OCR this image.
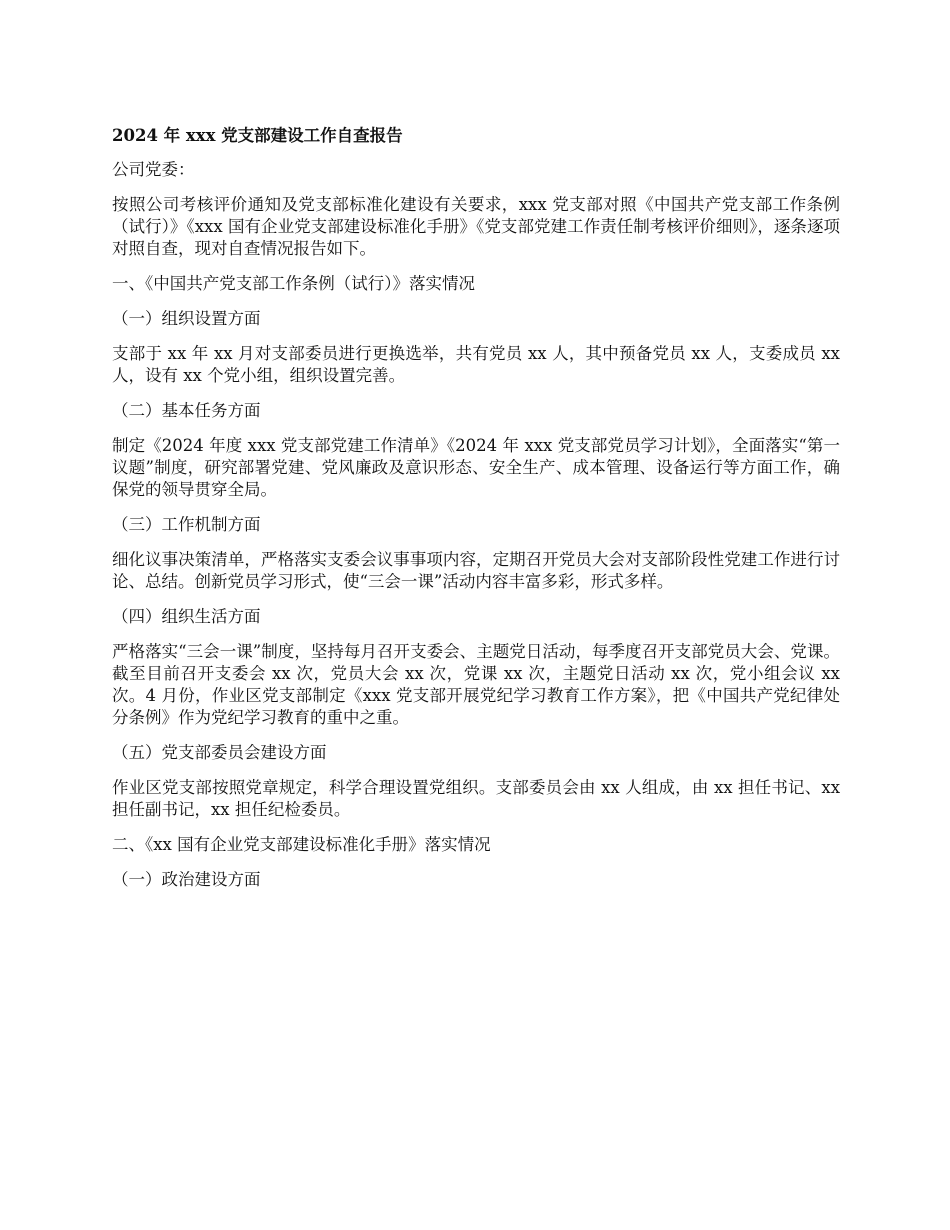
2024 年 xxx 党支部建设工作自查报告
公司党委：
按照公司考核评价通知及党支部标准化建设有关要求，xxx 党支部对照《中国共产党支部工作条例（试行）》《xxx 国有企业党支部建设标准化手册》《党支部党建工作责任制考核评价细则》，逐条逐项对照自查，现对自查情况报告如下。
一、《中国共产党支部工作条例（试行）》落实情况
（一）组织设置方面
支部于 xx 年 xx 月对支部委员进行更换选举，共有党员 xx 人，其中预备党员 xx 人，支委成员 xx 人，设有 xx 个党小组，组织设置完善。
（二）基本任务方面
制定《2024 年度 xxx 党支部党建工作清单》《2024 年 xxx 党支部党员学习计划》，全面落实“第一议题”制度，研究部署党建、党风廉政及意识形态、安全生产、成本管理、设备运行等方面工作，确保党的领导贯穿全局。
（三）工作机制方面
细化议事决策清单，严格落实支委会议事事项内容，定期召开党员大会对支部阶段性党建工作进行讨论、总结。创新党员学习形式，使“三会一课”活动内容丰富多彩，形式多样。
（四）组织生活方面
严格落实“三会一课”制度，坚持每月召开支委会、主题党日活动，每季度召开支部党员大会、党课。截至目前召开支委会 xx 次，党员大会 xx 次，党课 xx 次，主题党日活动 xx 次，党小组会议 xx 次。4 月份，作业区党支部制定《xxx 党支部开展党纪学习教育工作方案》，把《中国共产党纪律处分条例》作为党纪学习教育的重中之重。
（五）党支部委员会建设方面
作业区党支部按照党章规定，科学合理设置党组织。支部委员会由 xx 人组成，由 xx 担任书记、xx 担任副书记，xx 担任纪检委员。
二、《xx 国有企业党支部建设标准化手册》落实情况
（一）政治建设方面
